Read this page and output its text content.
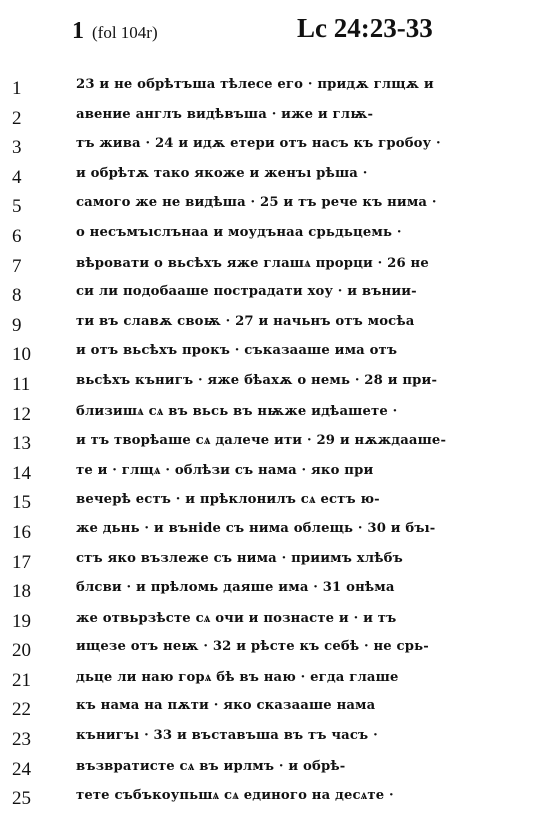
1 (fol 104r)	Lc 24:23-33
1	23 и не обрѣтъша тѣлесе его · придѫ глщѫ и
2	авение англъ видѣвъша · иже и глѭ-
3	тъ жива · 24 и идѫ етери отъ насъ къ гробоу ·
4	и обрѣтѫ тако якоже и женъı рѣша ·
5	самого же не видѣша · 25 и тъ рече къ нима ·
6	о несъмъıслънаа и моудънаа срьдьцемь ·
7	вѣровати о вьсѣхъ яже глашѧ прорци · 26 не
8	си ли подобааше пострадати хоу · и вънии-
9	ти въ славѫ своѭ · 27 и начьнъ отъ мосѣа
10	и отъ вьсѣхъ прокъ · съказааше има отъ
11	вьсѣхъ кънигъ · яже бѣахѫ о немь · 28 и при-
12	близишѧ сѧ въ вьсь въ нѭже идѣашете ·
13	и тъ творѣаше сѧ далече ити · 29 и нѫждаашe-
14	те и · глщѧ · облѣзи съ нама · яко при
15	вечерѣ естъ · и прѣклонилъ сѧ естъ ю-
16	же дьнь · и вънide съ нима облещь · 30 и бъı-
17	стъ яко възлеже съ нима · приимъ хлѣбъ
18	блсви · и прѣломь даяше има · 31 онѣма
19	же отвьрзѣсте сѧ очи и познасте и · и тъ
20	ищезе отъ неѭ · 32 и рѣсте къ себѣ · не срь-
21	дьце ли наю горѧ бѣ въ наю · егда глаше
22	къ нама на пѫти · яко сказааше нама
23	кънигъı · 33 и въставъша въ тъ часъ ·
24	възвратистe сѧ въ ирлмъ · и обрѣ-
25	тете събъкоупьшѧ сѧ единого на десѧте ·
